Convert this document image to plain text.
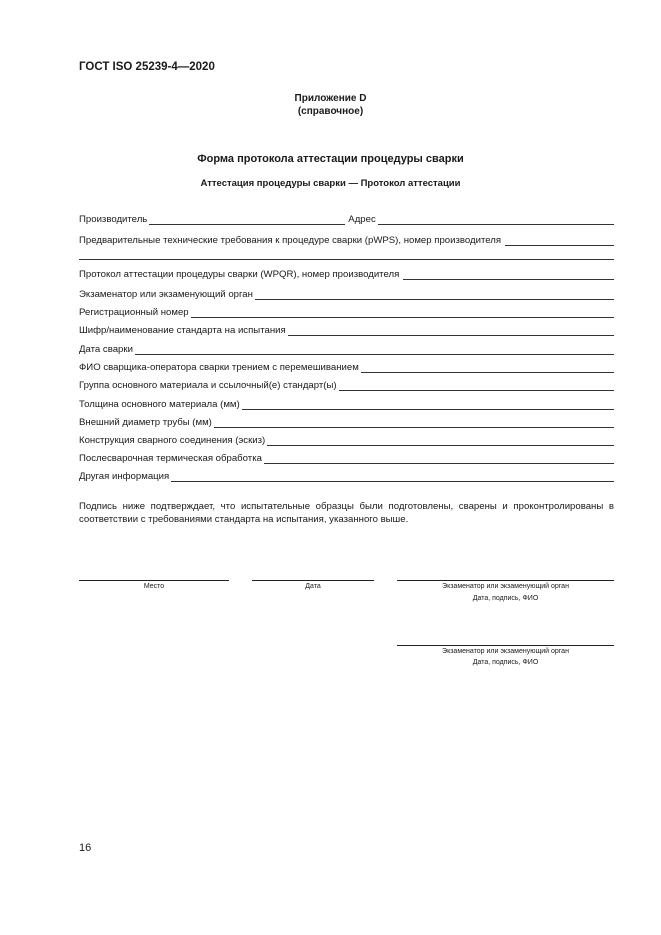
ГОСТ ISO 25239-4—2020
Приложение D
(справочное)
Форма протокола аттестации процедуры сварки
Аттестация процедуры сварки — Протокол аттестации
Производитель	Адрес
Предварительные технические требования к процедуре сварки (pWPS), номер производителя
Протокол аттестации процедуры сварки (WPQR), номер производителя
Экзаменатор или экзаменующий орган
Регистрационный номер
Шифр/наименование стандарта на испытания
Дата сварки
ФИО сварщика-оператора сварки трением с перемешиванием
Группа основного материала и ссылочный(е) стандарт(ы)
Толщина основного материала (мм)
Внешний диаметр трубы (мм)
Конструкция сварного соединения (эскиз)
Послесварочная термическая обработка
Другая информация
Подпись ниже подтверждает, что испытательные образцы были подготовлены, сварены и проконтролированы в соответствии с требованиями стандарта на испытания, указанного выше.
Место	Дата	Экзаменатор или экзаменующий орган
Дата, подпись, ФИО
Экзаменатор или экзаменующий орган
Дата, подпись, ФИО
16
